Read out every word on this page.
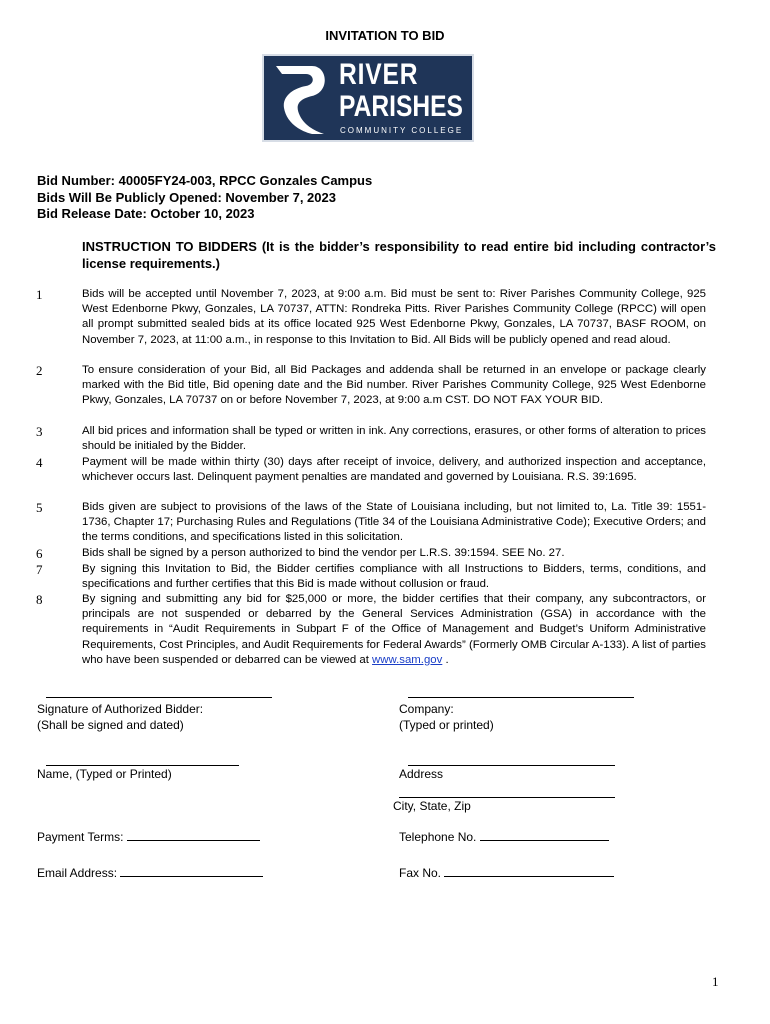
INVITATION TO BID
RIVER
PARISHES
COMMUNITY COLLEGE
Bid Number: 40005FY24-003, RPCC Gonzales Campus
Bids Will Be Publicly Opened: November 7, 2023
Bid Release Date: October 10, 2023
INSTRUCTION TO BIDDERS (It is the bidder’s responsibility to read entire bid including contractor’s license requirements.)
1	Bids will be accepted until November 7, 2023, at 9:00 a.m. Bid must be sent to: River Parishes Community College, 925 West Edenborne Pkwy, Gonzales, LA 70737, ATTN: Rondreka Pitts. River Parishes Community College (RPCC) will open all prompt submitted sealed bids at its office located 925 West Edenborne Pkwy, Gonzales, LA 70737, BASF ROOM, on November 7, 2023, at 11:00 a.m., in response to this Invitation to Bid. All Bids will be publicly opened and read aloud.
2	To ensure consideration of your Bid, all Bid Packages and addenda shall be returned in an envelope or package clearly marked with the Bid title, Bid opening date and the Bid number. River Parishes Community College, 925 West Edenborne Pkwy, Gonzales, LA 70737 on or before November 7, 2023, at 9:00 a.m CST. DO NOT FAX YOUR BID.
3	All bid prices and information shall be typed or written in ink. Any corrections, erasures, or other forms of alteration to prices should be initialed by the Bidder.
4	Payment will be made within thirty (30) days after receipt of invoice, delivery, and authorized inspection and acceptance, whichever occurs last. Delinquent payment penalties are mandated and governed by Louisiana. R.S. 39:1695.
5	Bids given are subject to provisions of the laws of the State of Louisiana including, but not limited to, La. Title 39: 1551-1736, Chapter 17; Purchasing Rules and Regulations (Title 34 of the Louisiana Administrative Code); Executive Orders; and the terms conditions, and specifications listed in this solicitation.
6	Bids shall be signed by a person authorized to bind the vendor per L.R.S. 39:1594. SEE No. 27.
7	By signing this Invitation to Bid, the Bidder certifies compliance with all Instructions to Bidders, terms, conditions, and specifications and further certifies that this Bid is made without collusion or fraud.
8	By signing and submitting any bid for $25,000 or more, the bidder certifies that their company, any subcontractors, or principals are not suspended or debarred by the General Services Administration (GSA) in accordance with the requirements in “Audit Requirements in Subpart F of the Office of Management and Budget’s Uniform Administrative Requirements, Cost Principles, and Audit Requirements for Federal Awards” (Formerly OMB Circular A-133). A list of parties who have been suspended or debarred can be viewed at www.sam.gov .
Signature of Authorized Bidder:
(Shall be signed and dated)
Company:
(Typed or printed)
Name, (Typed or Printed)	Address
City, State, Zip
Payment Terms:	Telephone No.
Email Address:	Fax No.
1
